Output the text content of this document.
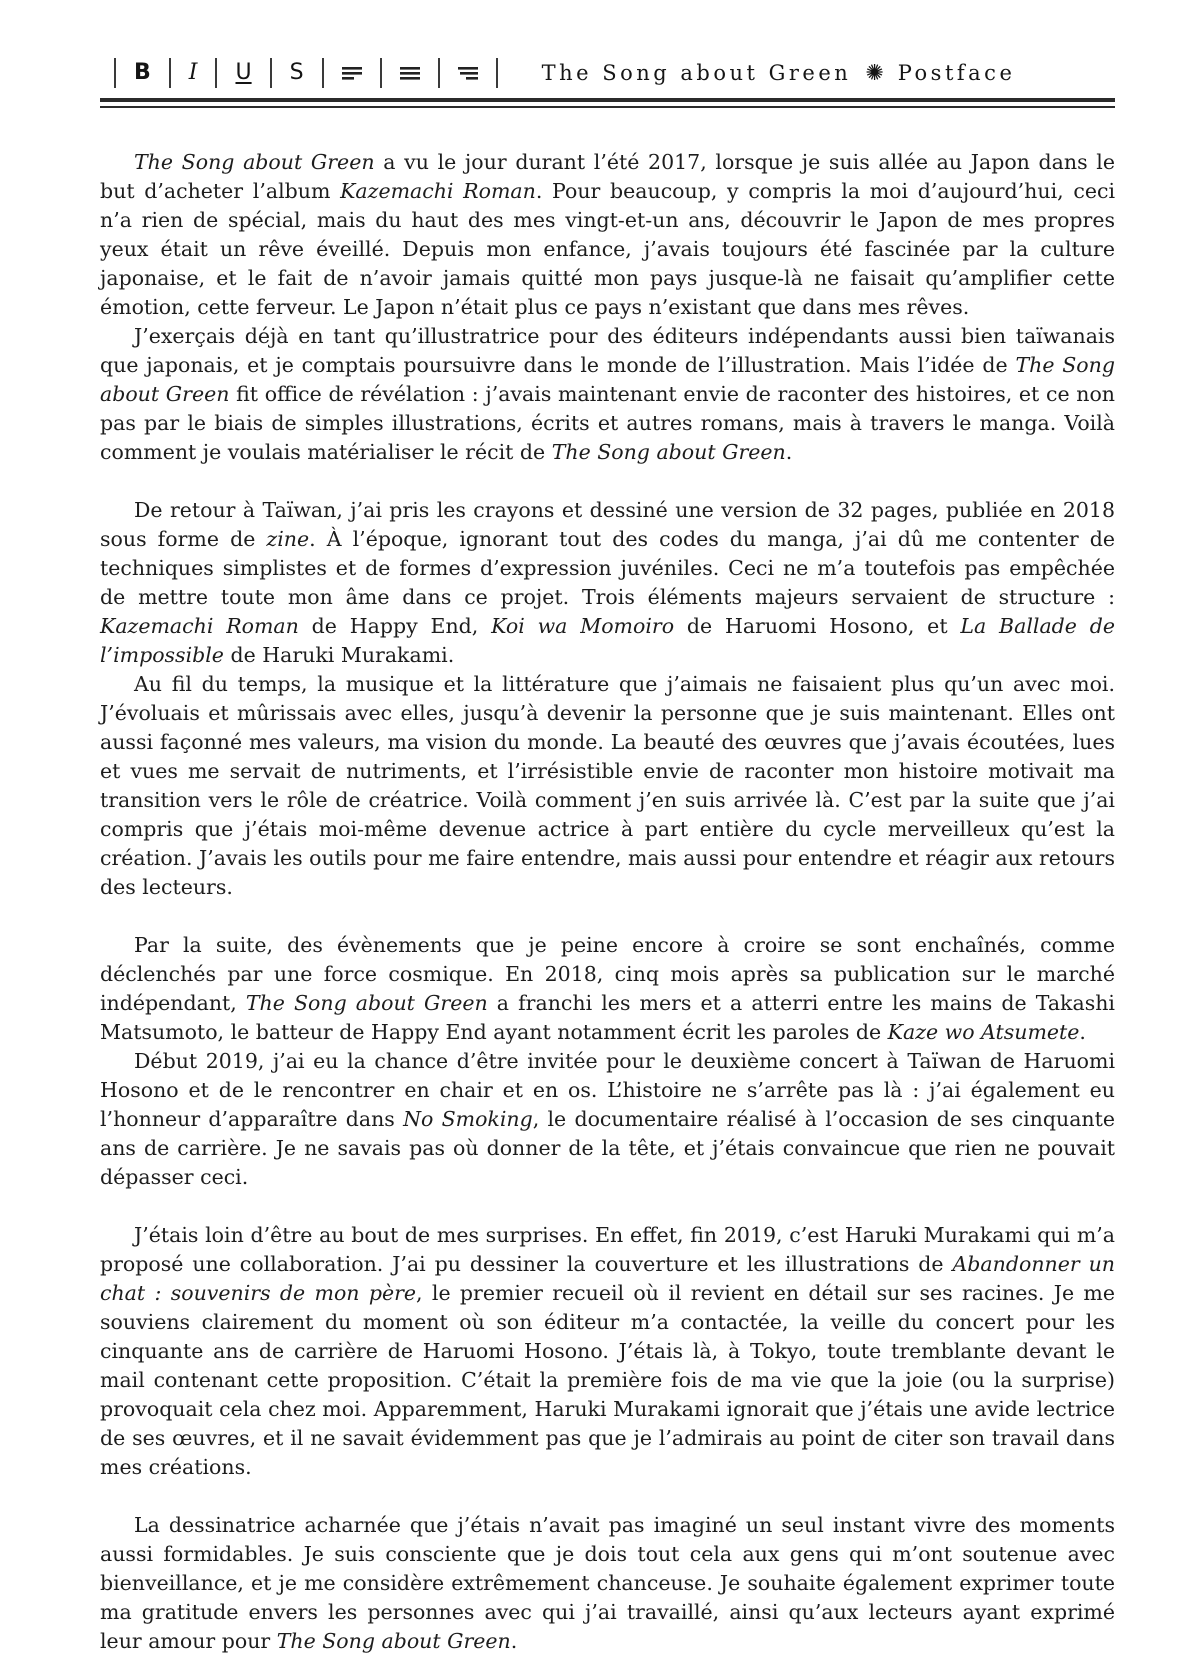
B I U S	The Song about Green ✺ Postface

The Song about Green a vu le jour durant l’été 2017, lorsque je suis allée au Japon dans le but d’acheter l’album Kazemachi Roman. Pour beaucoup, y compris la moi d’aujourd’hui, ceci n’a rien de spécial, mais du haut des mes vingt-et-un ans, découvrir le Japon de mes propres yeux était un rêve éveillé. Depuis mon enfance, j’avais toujours été fascinée par la culture japonaise, et le fait de n’avoir jamais quitté mon pays jusque-là ne faisait qu’amplifier cette émotion, cette ferveur. Le Japon n’était plus ce pays n’existant que dans mes rêves.

J’exerçais déjà en tant qu’illustratrice pour des éditeurs indépendants aussi bien taïwanais que japonais, et je comptais poursuivre dans le monde de l’illustration. Mais l’idée de The Song about Green fit office de révélation : j’avais maintenant envie de raconter des histoires, et ce non pas par le biais de simples illustrations, écrits et autres romans, mais à travers le manga. Voilà comment je voulais matérialiser le récit de The Song about Green.

De retour à Taïwan, j’ai pris les crayons et dessiné une version de 32 pages, publiée en 2018 sous forme de zine. À l’époque, ignorant tout des codes du manga, j’ai dû me contenter de techniques simplistes et de formes d’expression juvéniles. Ceci ne m’a toutefois pas empêchée de mettre toute mon âme dans ce projet. Trois éléments majeurs servaient de structure : Kazemachi Roman de Happy End, Koi wa Momoiro de Haruomi Hosono, et La Ballade de l’impossible de Haruki Murakami.

Au fil du temps, la musique et la littérature que j’aimais ne faisaient plus qu’un avec moi. J’évoluais et mûrissais avec elles, jusqu’à devenir la personne que je suis maintenant. Elles ont aussi façonné mes valeurs, ma vision du monde. La beauté des œuvres que j’avais écoutées, lues et vues me servait de nutriments, et l’irrésistible envie de raconter mon histoire motivait ma transition vers le rôle de créatrice. Voilà comment j’en suis arrivée là. C’est par la suite que j’ai compris que j’étais moi-même devenue actrice à part entière du cycle merveilleux qu’est la création. J’avais les outils pour me faire entendre, mais aussi pour entendre et réagir aux retours des lecteurs.

Par la suite, des évènements que je peine encore à croire se sont enchaînés, comme déclenchés par une force cosmique. En 2018, cinq mois après sa publication sur le marché indépendant, The Song about Green a franchi les mers et a atterri entre les mains de Takashi Matsumoto, le batteur de Happy End ayant notamment écrit les paroles de Kaze wo Atsumete.

Début 2019, j’ai eu la chance d’être invitée pour le deuxième concert à Taïwan de Haruomi Hosono et de le rencontrer en chair et en os. L’histoire ne s’arrête pas là : j’ai également eu l’honneur d’apparaître dans No Smoking, le documentaire réalisé à l’occasion de ses cinquante ans de carrière. Je ne savais pas où donner de la tête, et j’étais convaincue que rien ne pouvait dépasser ceci.

J’étais loin d’être au bout de mes surprises. En effet, fin 2019, c’est Haruki Murakami qui m’a proposé une collaboration. J’ai pu dessiner la couverture et les illustrations de Abandonner un chat : souvenirs de mon père, le premier recueil où il revient en détail sur ses racines. Je me souviens clairement du moment où son éditeur m’a contactée, la veille du concert pour les cinquante ans de carrière de Haruomi Hosono. J’étais là, à Tokyo, toute tremblante devant le mail contenant cette proposition. C’était la première fois de ma vie que la joie (ou la surprise) provoquait cela chez moi. Apparemment, Haruki Murakami ignorait que j’étais une avide lectrice de ses œuvres, et il ne savait évidemment pas que je l’admirais au point de citer son travail dans mes créations.

La dessinatrice acharnée que j’étais n’avait pas imaginé un seul instant vivre des moments aussi formidables. Je suis consciente que je dois tout cela aux gens qui m’ont soutenue avec bienveillance, et je me considère extrêmement chanceuse. Je souhaite également exprimer toute ma gratitude envers les personnes avec qui j’ai travaillé, ainsi qu’aux lecteurs ayant exprimé leur amour pour The Song about Green.
